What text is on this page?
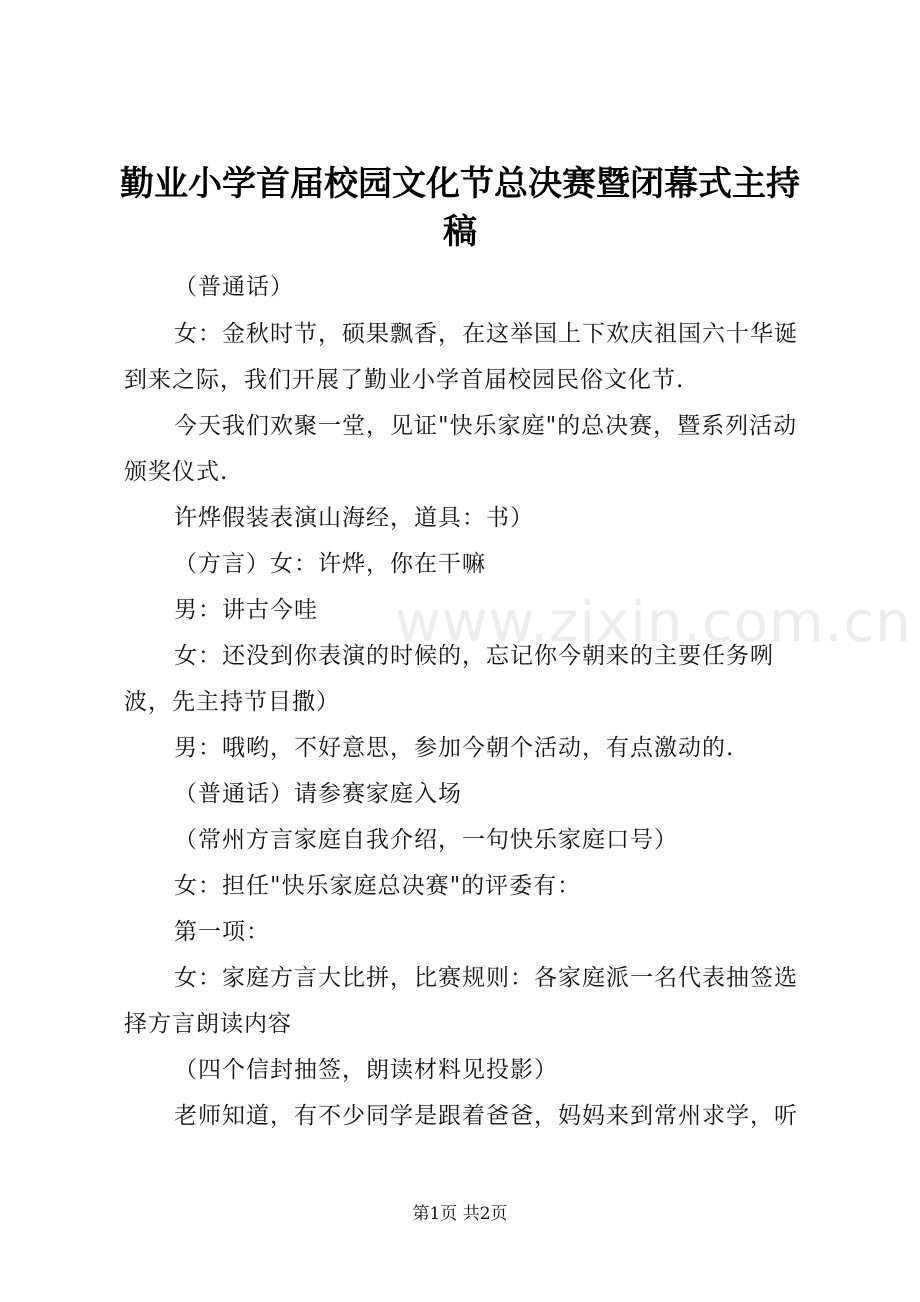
勤业小学首届校园文化节总决赛暨闭幕式主持稿
（普通话）
女：金秋时节，硕果飘香，在这举国上下欢庆祖国六十华诞到来之际，我们开展了勤业小学首届校园民俗文化节.
今天我们欢聚一堂，见证"快乐家庭"的总决赛，暨系列活动颁奖仪式.
许烨假装表演山海经，道具：书）
（方言）女：许烨，你在干嘛
男：讲古今哇
女：还没到你表演的时候的，忘记你今朝来的主要任务咧波，先主持节目撒）
男：哦哟，不好意思，参加今朝个活动，有点激动的.
（普通话）请参赛家庭入场
（常州方言家庭自我介绍，一句快乐家庭口号）
女：担任"快乐家庭总决赛"的评委有：
第一项：
女：家庭方言大比拼，比赛规则：各家庭派一名代表抽签选择方言朗读内容
（四个信封抽签，朗读材料见投影）
老师知道，有不少同学是跟着爸爸，妈妈来到常州求学，听
www.zixin.com.cn
第1页 共2页
